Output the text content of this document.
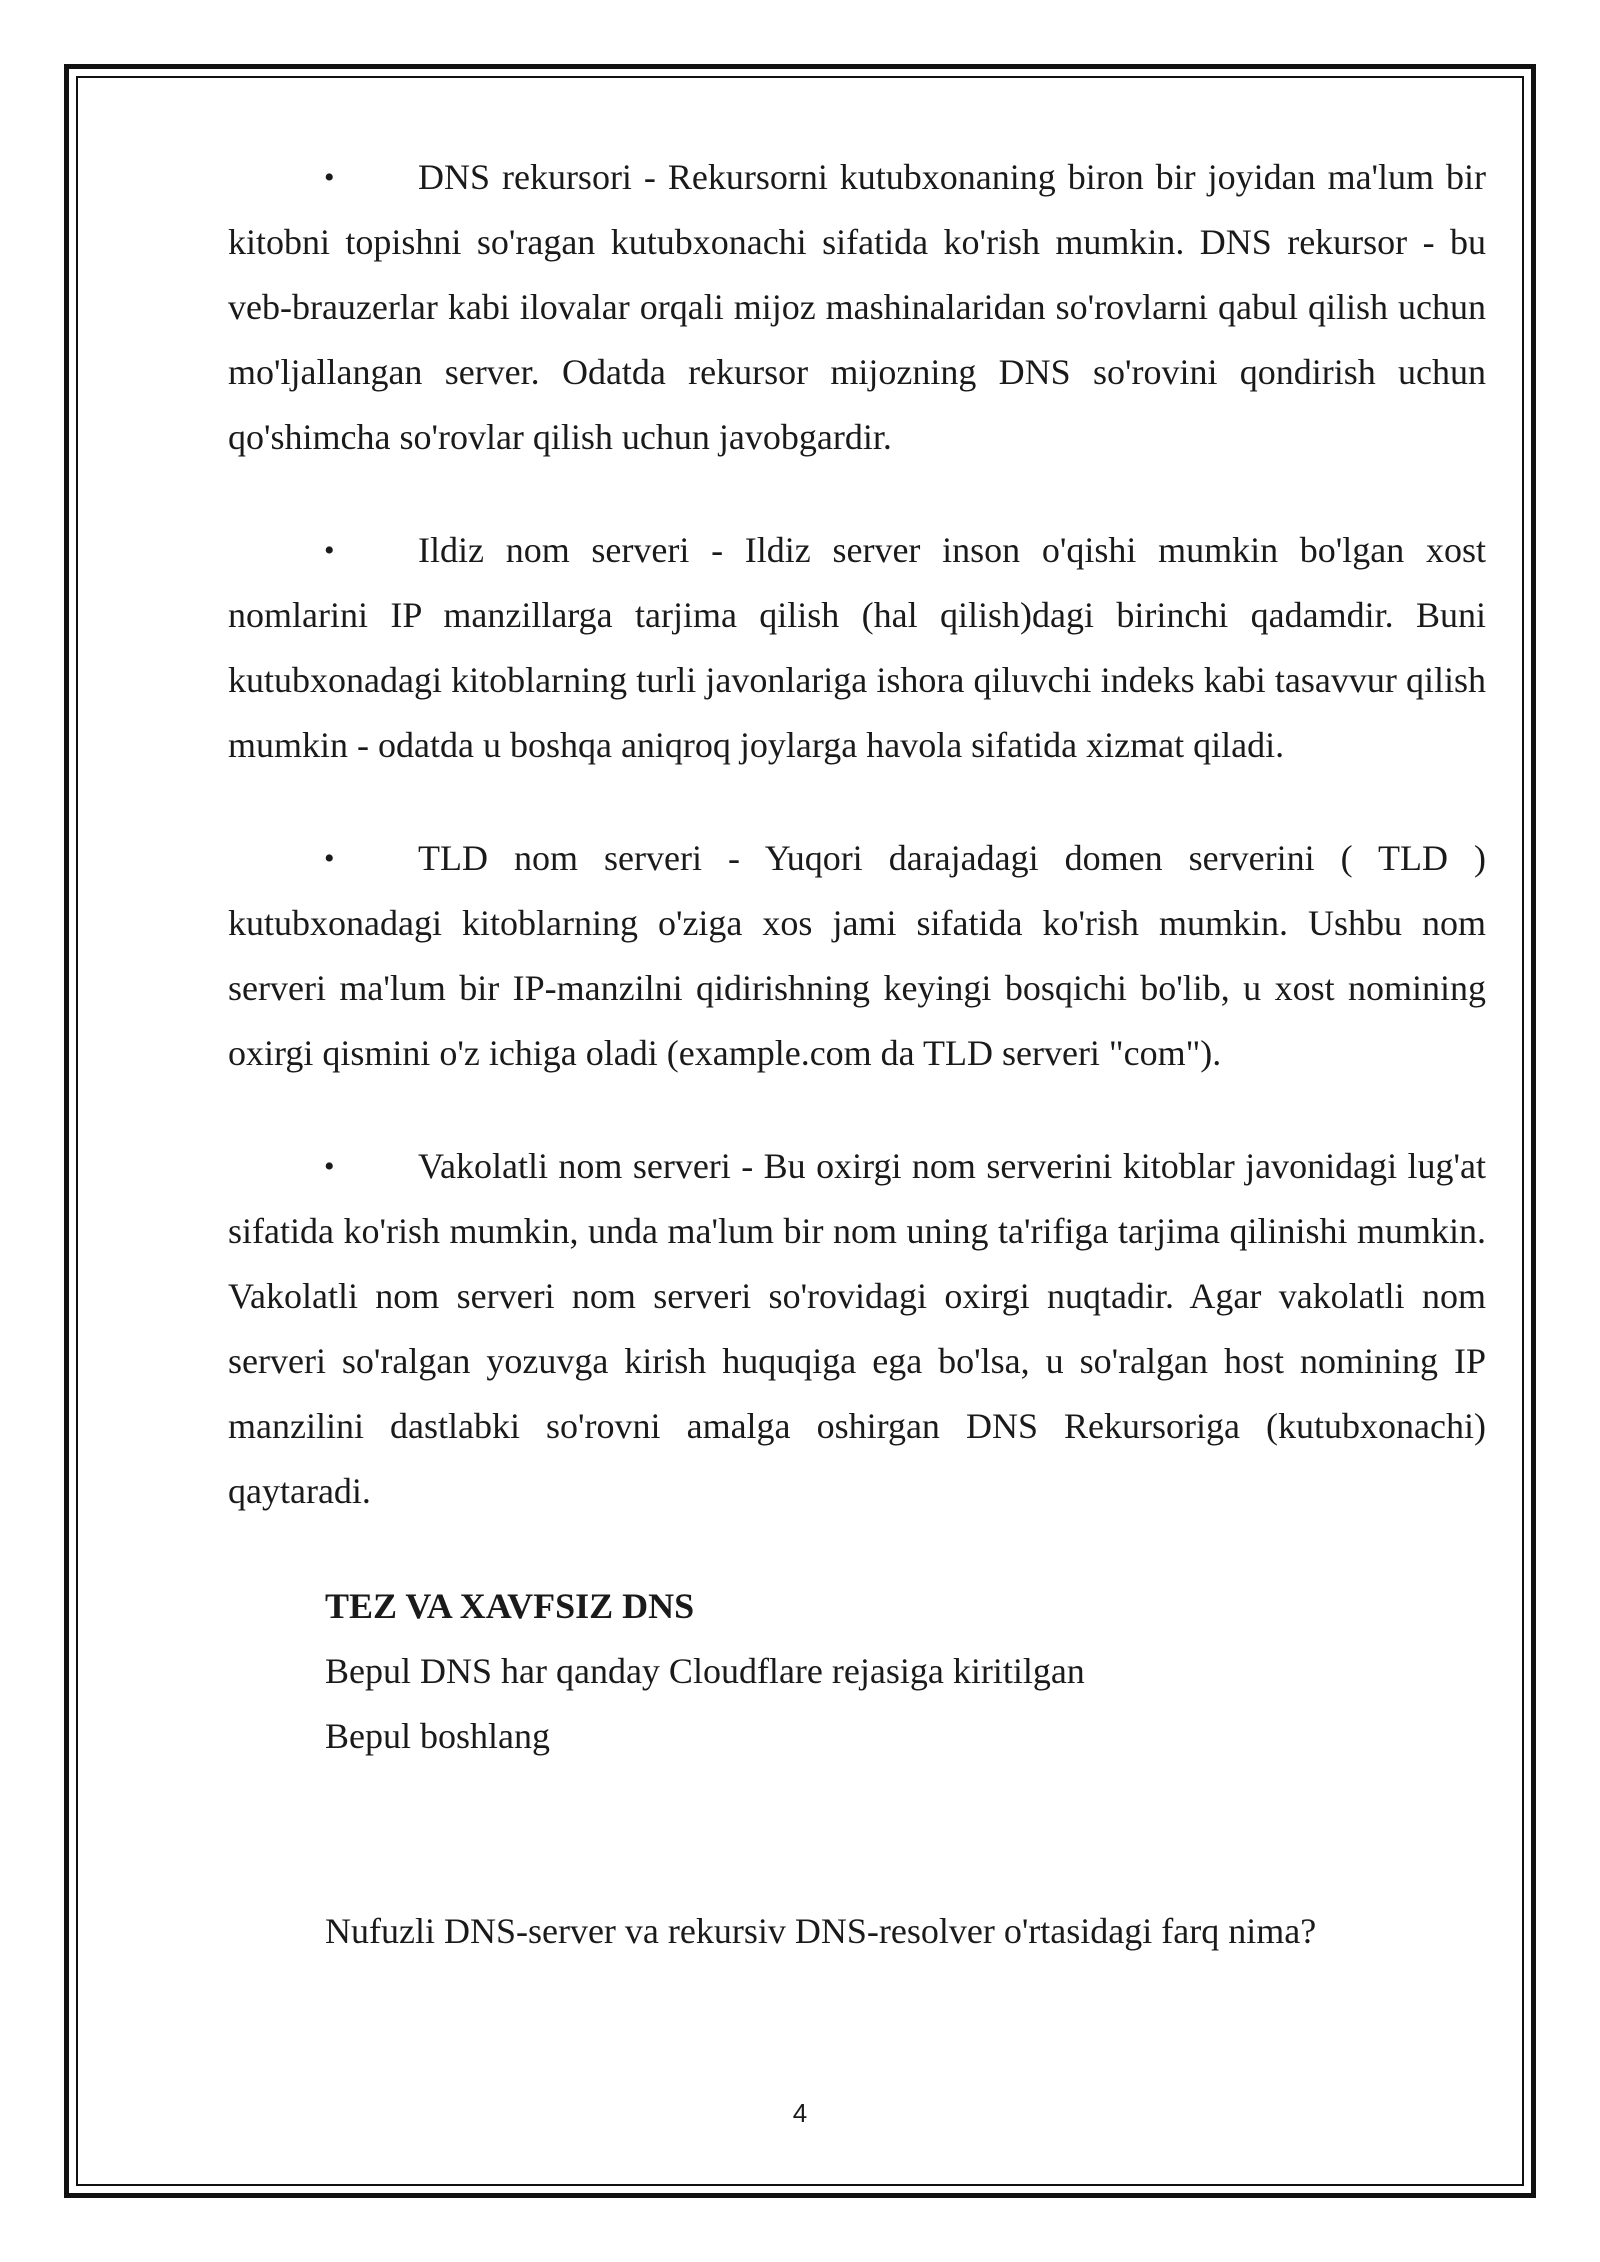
• DNS rekursori - Rekursorni kutubxonaning biron bir joyidan ma'lum bir kitobni topishni so'ragan kutubxonachi sifatida ko'rish mumkin. DNS rekursor - bu veb-brauzerlar kabi ilovalar orqali mijoz mashinalaridan so'rovlarni qabul qilish uchun mo'ljallangan server. Odatda rekursor mijozning DNS so'rovini qondirish uchun qo'shimcha so'rovlar qilish uchun javobgardir.

• Ildiz nom serveri - Ildiz server inson o'qishi mumkin bo'lgan xost nomlarini IP manzillarga tarjima qilish (hal qilish)dagi birinchi qadamdir. Buni kutubxonadagi kitoblarning turli javonlariga ishora qiluvchi indeks kabi tasavvur qilish mumkin - odatda u boshqa aniqroq joylarga havola sifatida xizmat qiladi.

• TLD nom serveri - Yuqori darajadagi domen serverini ( TLD ) kutubxonadagi kitoblarning o'ziga xos jami sifatida ko'rish mumkin. Ushbu nom serveri ma'lum bir IP-manzilni qidirishning keyingi bosqichi bo'lib, u xost nomining oxirgi qismini o'z ichiga oladi (example.com da TLD serveri "com").

• Vakolatli nom serveri - Bu oxirgi nom serverini kitoblar javonidagi lug'at sifatida ko'rish mumkin, unda ma'lum bir nom uning ta'rifiga tarjima qilinishi mumkin. Vakolatli nom serveri nom serveri so'rovidagi oxirgi nuqtadir. Agar vakolatli nom serveri so'ralgan yozuvga kirish huquqiga ega bo'lsa, u so'ralgan host nomining IP manzilini dastlabki so'rovni amalga oshirgan DNS Rekursoriga (kutubxonachi) qaytaradi.

TEZ VA XAVFSIZ DNS
Bepul DNS har qanday Cloudflare rejasiga kiritilgan
Bepul boshlang
Nufuzli DNS-server va rekursiv DNS-resolver o'rtasidagi farq nima?
4
